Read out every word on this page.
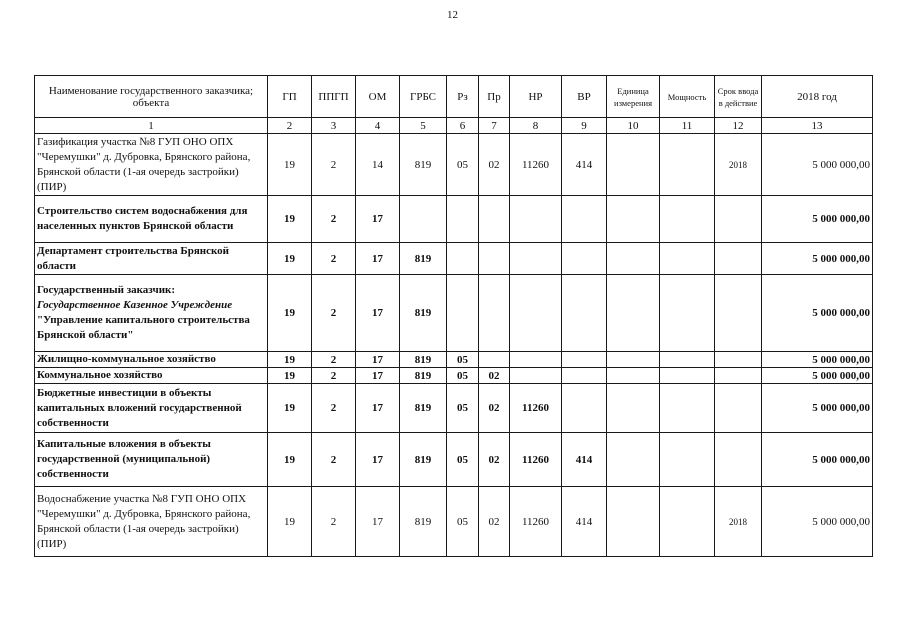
12
Наименование государственного заказчика; объекта	ГП	ППГП	ОМ	ГРБС	Рз	Пр	НР	ВР	Единица измерения	Мощность	Срок ввода в действие	2018 год
1	2	3	4	5	6	7	8	9	10	11	12	13
Газификация участка №8 ГУП ОНО ОПХ "Черемушки" д. Дубровка, Брянского района, Брянской области (1-ая очередь застройки) (ПИР)	19	2	14	819	05	02	11260	414			2018	5 000 000,00
Строительство систем водоснабжения для населенных пунктов Брянской области	19	2	17									5 000 000,00
Департамент строительства Брянской области	19	2	17	819								5 000 000,00
Государственный заказчик:
Государственное Казенное Учреждение "Управление капитального строительства Брянской области"	19	2	17	819								5 000 000,00
Жилищно-коммунальное хозяйство	19	2	17	819	05							5 000 000,00
Коммунальное хозяйство	19	2	17	819	05	02						5 000 000,00
Бюджетные инвестиции в объекты капитальных вложений государственной собственности	19	2	17	819	05	02	11260					5 000 000,00
Капитальные вложения в объекты государственной (муниципальной) собственности	19	2	17	819	05	02	11260	414				5 000 000,00
Водоснабжение участка №8 ГУП ОНО ОПХ "Черемушки" д. Дубровка, Брянского района, Брянской области (1-ая очередь застройки) (ПИР)	19	2	17	819	05	02	11260	414			2018	5 000 000,00
